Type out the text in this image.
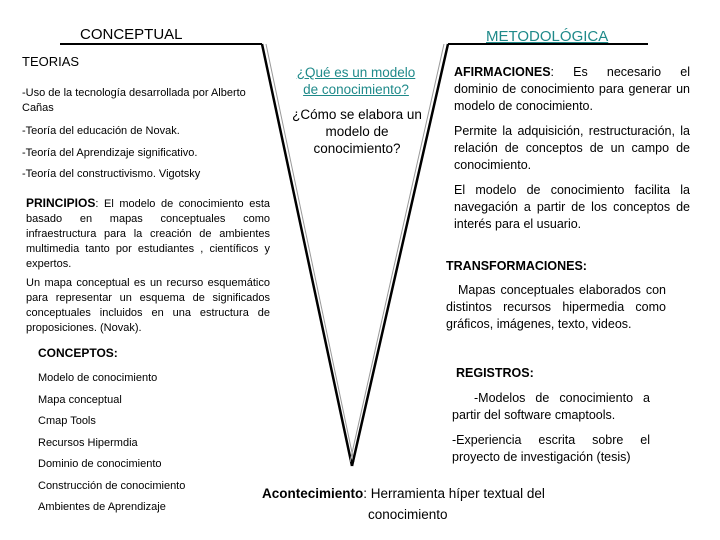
CONCEPTUAL	METODOLÓGICA
TEORIAS
-Uso de la tecnología desarrollada por Alberto Cañas
-Teoría del educación de Novak.
-Teoría del Aprendizaje significativo.
-Teoría del constructivismo. Vigotsky
PRINCIPIOS: El modelo de conocimiento esta basado en mapas conceptuales como infraestructura para la creación de ambientes multimedia tanto por estudiantes , científicos y expertos.
Un mapa conceptual es un recurso esquemático para representar un esquema de significados conceptuales incluidos en una estructura de proposiciones. (Novak).
CONCEPTOS:
Modelo de conocimiento
Mapa conceptual
Cmap Tools
Recursos Hipermdia
Dominio de conocimiento
Construcción de conocimiento
Ambientes de Aprendizaje
¿Qué es un modelo de conocimiento?
¿Cómo se elabora un modelo de conocimiento?
AFIRMACIONES: Es necesario el dominio de conocimiento para generar un modelo de conocimiento.
Permite la adquisición, restructuración, la relación de conceptos de un campo de conocimiento.
El modelo de conocimiento facilita la navegación a partir de los conceptos de interés para el usuario.
TRANSFORMACIONES:
Mapas conceptuales elaborados con distintos recursos hipermedia como gráficos, imágenes, texto, videos.
REGISTROS:
-Modelos de conocimiento a partir del software cmaptools.
-Experiencia escrita sobre el proyecto de investigación (tesis)
Acontecimiento: Herramienta híper textual del
conocimiento
